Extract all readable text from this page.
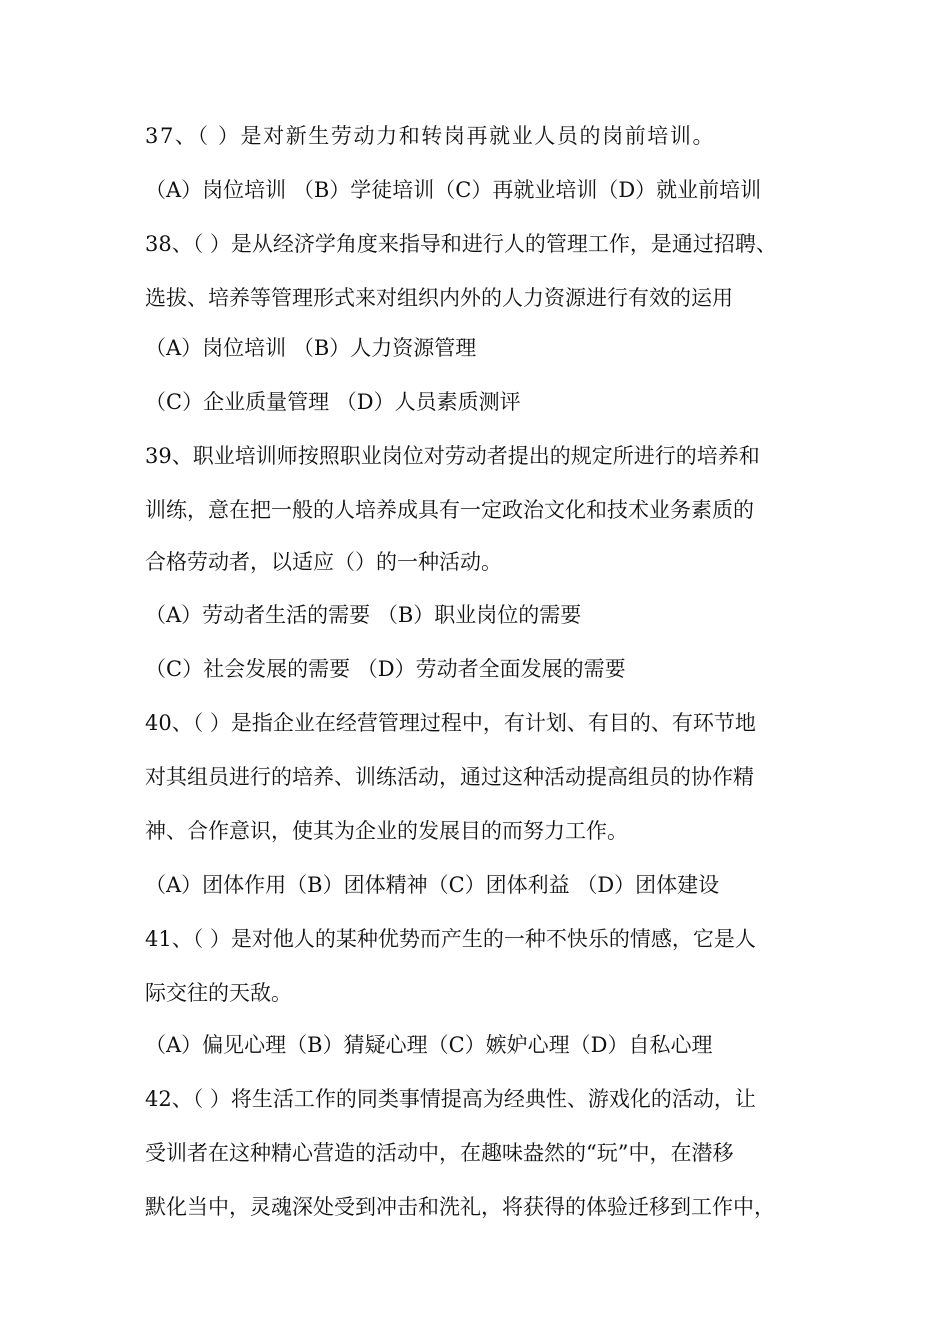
37、（ ）是对新生劳动力和转岗再就业人员的岗前培训。
（A）岗位培训 （B）学徒培训（C）再就业培训（D）就业前培训
38、（ ）是从经济学角度来指导和进行人的管理工作，是通过招聘、
选拔、培养等管理形式来对组织内外的人力资源进行有效的运用
（A）岗位培训 （B）人力资源管理
（C）企业质量管理 （D）人员素质测评
39、职业培训师按照职业岗位对劳动者提出的规定所进行的培养和
训练，意在把一般的人培养成具有一定政治文化和技术业务素质的
合格劳动者，以适应（）的一种活动。
（A）劳动者生活的需要 （B）职业岗位的需要
（C）社会发展的需要 （D）劳动者全面发展的需要
40、（ ）是指企业在经营管理过程中，有计划、有目的、有环节地
对其组员进行的培养、训练活动，通过这种活动提高组员的协作精
神、合作意识，使其为企业的发展目的而努力工作。
（A）团体作用（B）团体精神（C）团体利益 （D）团体建设
41、（ ）是对他人的某种优势而产生的一种不快乐的情感，它是人
际交往的天敌。
（A）偏见心理（B）猜疑心理（C）嫉妒心理（D）自私心理
42、（ ）将生活工作的同类事情提高为经典性、游戏化的活动，让
受训者在这种精心营造的活动中，在趣味盎然的“玩”中，在潜移
默化当中，灵魂深处受到冲击和洗礼，将获得的体验迁移到工作中，
